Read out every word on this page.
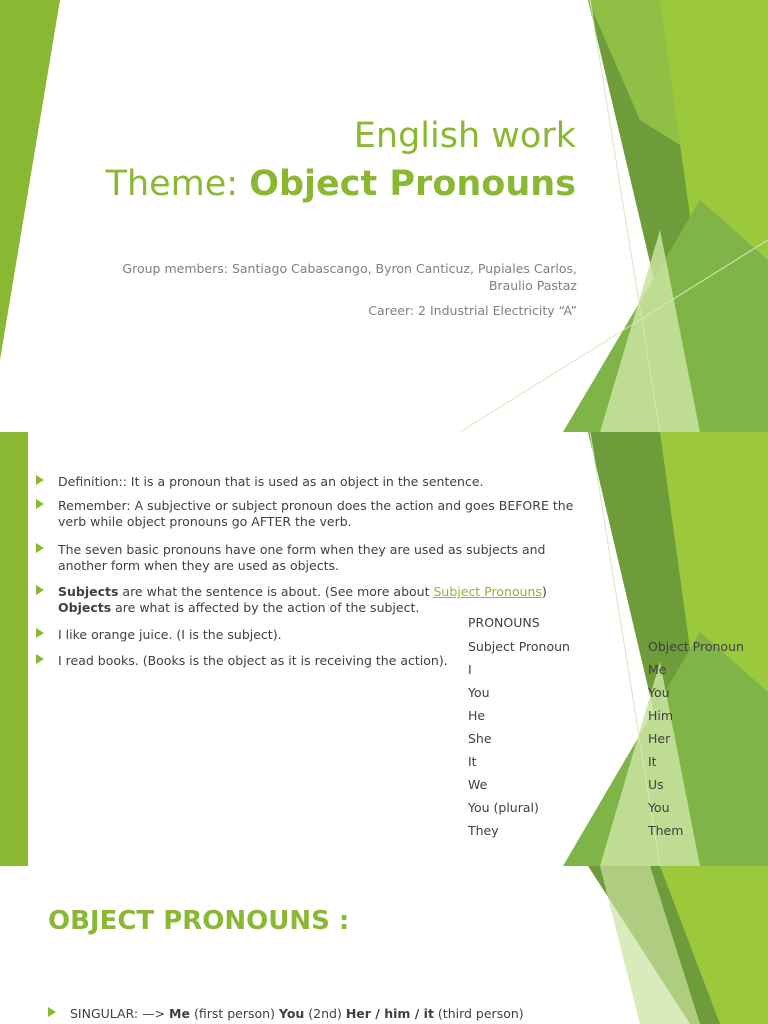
English work
Theme: Object Pronouns
Group members: Santiago Cabascango, Byron Canticuz, Pupiales Carlos,
Braulio Pastaz
Career: 2 Industrial Electricity “A”
Definition:: It is a pronoun that is used as an object in the sentence.
Remember: A subjective or subject pronoun does the action and goes BEFORE the verb while object pronouns go AFTER the verb.
The seven basic pronouns have one form when they are used as subjects and another form when they are used as objects.
Subjects are what the sentence is about. (See more about Subject Pronouns)
Objects are what is affected by the action of the subject.
I like orange juice. (I is the subject).
I read books. (Books is the object as it is receiving the action).
PRONOUNS
Subject Pronoun	Object Pronoun
I	Me
You	You
He	Him
She	Her
It	It
We	Us
You (plural)	You
They	Them
OBJECT PRONOUNS :
SINGULAR: —> Me (first person) You (2nd) Her / him / it (third person)
